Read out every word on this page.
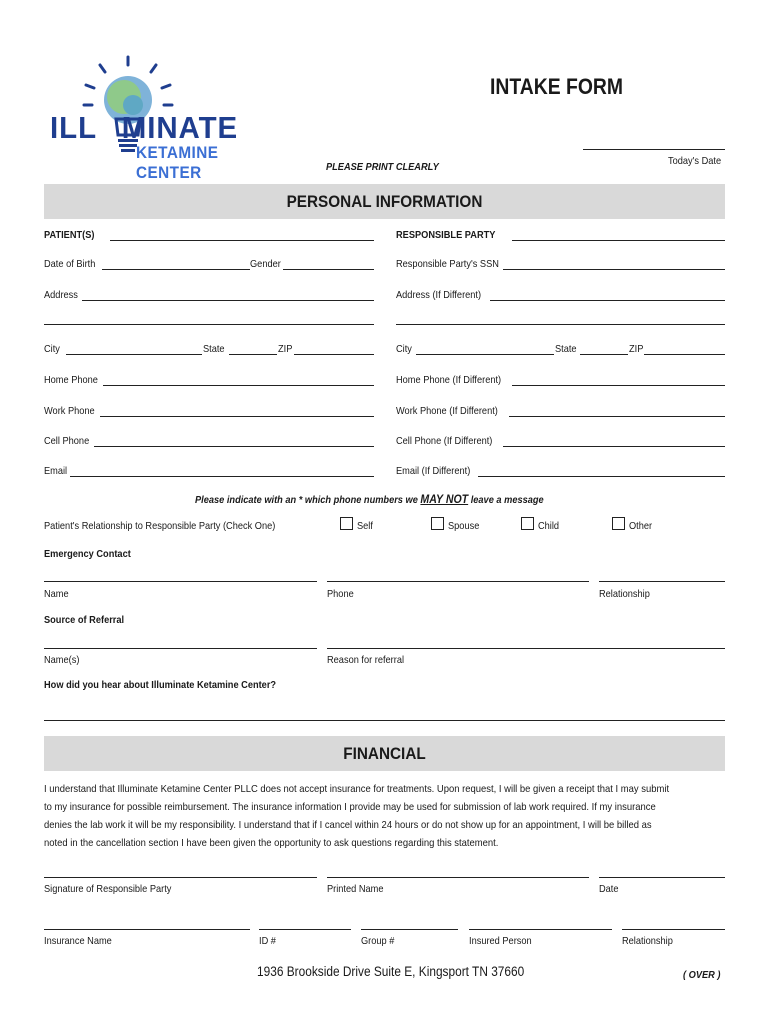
ILL MINATE
KETAMINE CENTER
INTAKE FORM
Today's Date
PLEASE PRINT CLEARLY
PERSONAL INFORMATION
PATIENT(S)
Date of Birth	Gender
Address
City	State	ZIP
Home Phone
Work Phone
Cell Phone
Email
RESPONSIBLE PARTY
Responsible Party's SSN
Address (If Different)
City	State	ZIP
Home Phone (If Different)
Work Phone (If Different)
Cell Phone (If Different)
Email (If Different)
Please indicate with an * which phone numbers we MAY NOT leave a message
Patient's Relationship to Responsible Party (Check One)	Self	Spouse	Child	Other
Emergency Contact
Name	Phone	Relationship
Source of Referral
Name(s)	Reason for referral
How did you hear about Illuminate Ketamine Center?
FINANCIAL
I understand that Illuminate Ketamine Center PLLC does not accept insurance for treatments. Upon request, I will be given a receipt that I may submit
to my insurance for possible reimbursement. The insurance information I provide may be used for submission of lab work required. If my insurance
denies the lab work it will be my responsibility. I understand that if I cancel within 24 hours or do not show up for an appointment, I will be billed as
noted in the cancellation section I have been given the opportunity to ask questions regarding this statement.
Signature of Responsible Party	Printed Name	Date
Insurance Name	ID #	Group #	Insured Person	Relationship
1936 Brookside Drive Suite E, Kingsport TN 37660	( OVER )
